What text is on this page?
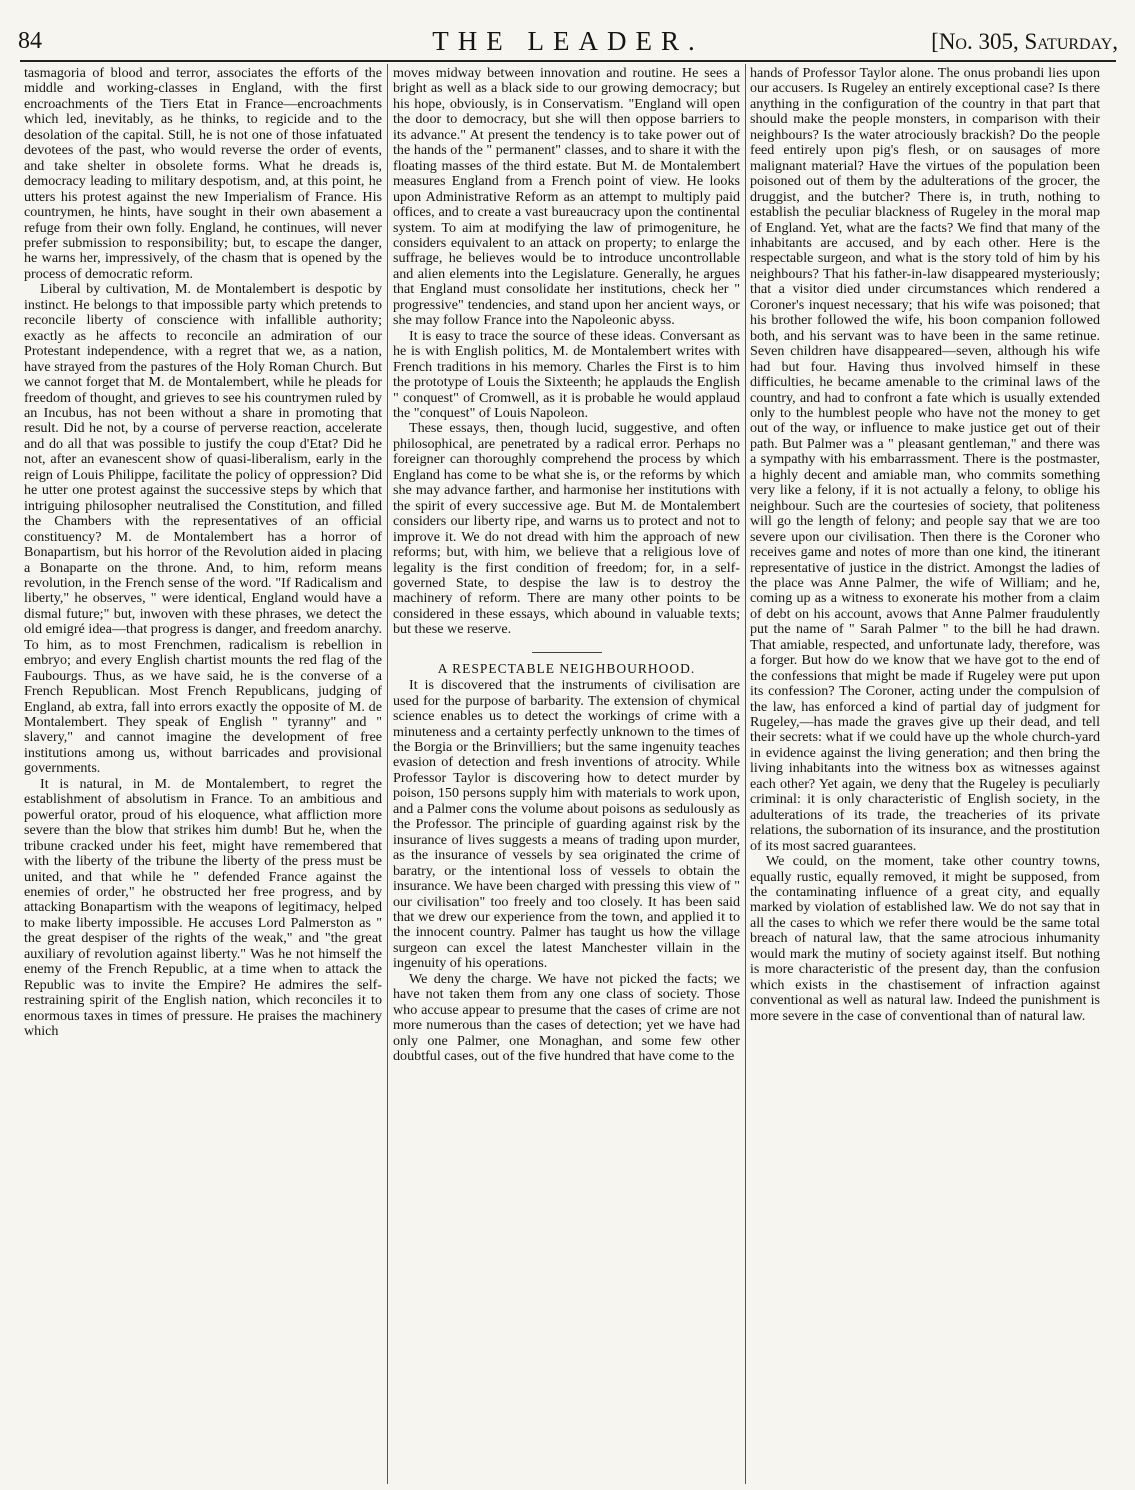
84	THE LEADER.	[No. 305, Saturday,

tasmagoria of blood and terror, associates the efforts of the middle and working-classes in England, with the first encroachments of the Tiers Etat in France—encroachments which led, inevitably, as he thinks, to regicide and to the desolation of the capital. Still, he is not one of those infatuated devotees of the past, who would reverse the order of events, and take shelter in obsolete forms. What he dreads is, democracy leading to military despotism, and, at this point, he utters his protest against the new Imperialism of France. His countrymen, he hints, have sought in their own abasement a refuge from their own folly. England, he continues, will never prefer submission to responsibility; but, to escape the danger, he warns her, impressively, of the chasm that is opened by the process of democratic reform.

Liberal by cultivation, M. de Montalembert is despotic by instinct. He belongs to that impossible party which pretends to reconcile liberty of conscience with infallible authority; exactly as he affects to reconcile an admiration of our Protestant independence, with a regret that we, as a nation, have strayed from the pastures of the Holy Roman Church. But we cannot forget that M. de Montalembert, while he pleads for freedom of thought, and grieves to see his countrymen ruled by an Incubus, has not been without a share in promoting that result. Did he not, by a course of perverse reaction, accelerate and do all that was possible to justify the coup d'Etat? Did he not, after an evanescent show of quasi-liberalism, early in the reign of Louis Philippe, facilitate the policy of oppression? Did he utter one protest against the successive steps by which that intriguing philosopher neutralised the Constitution, and filled the Chambers with the representatives of an official constituency? M. de Montalembert has a horror of Bonapartism, but his horror of the Revolution aided in placing a Bonaparte on the throne. And, to him, reform means revolution, in the French sense of the word. "If Radicalism and liberty," he observes, " were identical, England would have a dismal future;" but, inwoven with these phrases, we detect the old emigré idea—that progress is danger, and freedom anarchy. To him, as to most Frenchmen, radicalism is rebellion in embryo; and every English chartist mounts the red flag of the Faubourgs. Thus, as we have said, he is the converse of a French Republican. Most French Republicans, judging of England, ab extra, fall into errors exactly the opposite of M. de Montalembert. They speak of English " tyranny" and " slavery," and cannot imagine the development of free institutions among us, without barricades and provisional governments.

It is natural, in M. de Montalembert, to regret the establishment of absolutism in France. To an ambitious and powerful orator, proud of his eloquence, what affliction more severe than the blow that strikes him dumb! But he, when the tribune cracked under his feet, might have remembered that with the liberty of the tribune the liberty of the press must be united, and that while he " defended France against the enemies of order," he obstructed her free progress, and by attacking Bonapartism with the weapons of legitimacy, helped to make liberty impossible. He accuses Lord Palmerston as " the great despiser of the rights of the weak," and "the great auxiliary of revolution against liberty." Was he not himself the enemy of the French Republic, at a time when to attack the Republic was to invite the Empire? He admires the self-restraining spirit of the English nation, which reconciles it to enormous taxes in times of pressure. He praises the machinery which

moves midway between innovation and routine. He sees a bright as well as a black side to our growing democracy; but his hope, obviously, is in Conservatism. "England will open the door to democracy, but she will then oppose barriers to its advance." At present the tendency is to take power out of the hands of the " permanent" classes, and to share it with the floating masses of the third estate. But M. de Montalembert measures England from a French point of view. He looks upon Administrative Reform as an attempt to multiply paid offices, and to create a vast bureaucracy upon the continental system. To aim at modifying the law of primogeniture, he considers equivalent to an attack on property; to enlarge the suffrage, he believes would be to introduce uncontrollable and alien elements into the Legislature. Generally, he argues that England must consolidate her institutions, check her " progressive" tendencies, and stand upon her ancient ways, or she may follow France into the Napoleonic abyss.

It is easy to trace the source of these ideas. Conversant as he is with English politics, M. de Montalembert writes with French traditions in his memory. Charles the First is to him the prototype of Louis the Sixteenth; he applauds the English " conquest" of Cromwell, as it is probable he would applaud the "conquest" of Louis Napoleon.

These essays, then, though lucid, suggestive, and often philosophical, are penetrated by a radical error. Perhaps no foreigner can thoroughly comprehend the process by which England has come to be what she is, or the reforms by which she may advance farther, and harmonise her institutions with the spirit of every successive age. But M. de Montalembert considers our liberty ripe, and warns us to protect and not to improve it. We do not dread with him the approach of new reforms; but, with him, we believe that a religious love of legality is the first condition of freedom; for, in a self-governed State, to despise the law is to destroy the machinery of reform. There are many other points to be considered in these essays, which abound in valuable texts; but these we reserve.

A RESPECTABLE NEIGHBOURHOOD.

It is discovered that the instruments of civilisation are used for the purpose of barbarity. The extension of chymical science enables us to detect the workings of crime with a minuteness and a certainty perfectly unknown to the times of the Borgia or the Brinvilliers; but the same ingenuity teaches evasion of detection and fresh inventions of atrocity. While Professor Taylor is discovering how to detect murder by poison, 150 persons supply him with materials to work upon, and a Palmer cons the volume about poisons as sedulously as the Professor. The principle of guarding against risk by the insurance of lives suggests a means of trading upon murder, as the insurance of vessels by sea originated the crime of baratry, or the intentional loss of vessels to obtain the insurance. We have been charged with pressing this view of " our civilisation" too freely and too closely. It has been said that we drew our experience from the town, and applied it to the innocent country. Palmer has taught us how the village surgeon can excel the latest Manchester villain in the ingenuity of his operations.

We deny the charge. We have not picked the facts; we have not taken them from any one class of society. Those who accuse appear to presume that the cases of crime are not more numerous than the cases of detection; yet we have had only one Palmer, one Monaghan, and some few other doubtful cases, out of the five hundred that have come to the

hands of Professor Taylor alone. The onus probandi lies upon our accusers. Is Rugeley an entirely exceptional case? Is there anything in the configuration of the country in that part that should make the people monsters, in comparison with their neighbours? Is the water atrociously brackish? Do the people feed entirely upon pig's flesh, or on sausages of more malignant material? Have the virtues of the population been poisoned out of them by the adulterations of the grocer, the druggist, and the butcher? There is, in truth, nothing to establish the peculiar blackness of Rugeley in the moral map of England. Yet, what are the facts? We find that many of the inhabitants are accused, and by each other. Here is the respectable surgeon, and what is the story told of him by his neighbours? That his father-in-law disappeared mysteriously; that a visitor died under circumstances which rendered a Coroner's inquest necessary; that his wife was poisoned; that his brother followed the wife, his boon companion followed both, and his servant was to have been in the same retinue. Seven children have disappeared—seven, although his wife had but four. Having thus involved himself in these difficulties, he became amenable to the criminal laws of the country, and had to confront a fate which is usually extended only to the humblest people who have not the money to get out of the way, or influence to make justice get out of their path. But Palmer was a " pleasant gentleman," and there was a sympathy with his embarrassment. There is the postmaster, a highly decent and amiable man, who commits something very like a felony, if it is not actually a felony, to oblige his neighbour. Such are the courtesies of society, that politeness will go the length of felony; and people say that we are too severe upon our civilisation. Then there is the Coroner who receives game and notes of more than one kind, the itinerant representative of justice in the district. Amongst the ladies of the place was Anne Palmer, the wife of William; and he, coming up as a witness to exonerate his mother from a claim of debt on his account, avows that Anne Palmer fraudulently put the name of " Sarah Palmer " to the bill he had drawn. That amiable, respected, and unfortunate lady, therefore, was a forger. But how do we know that we have got to the end of the confessions that might be made if Rugeley were put upon its confession? The Coroner, acting under the compulsion of the law, has enforced a kind of partial day of judgment for Rugeley,—has made the graves give up their dead, and tell their secrets: what if we could have up the whole church-yard in evidence against the living generation; and then bring the living inhabitants into the witness box as witnesses against each other? Yet again, we deny that the Rugeley is peculiarly criminal: it is only characteristic of English society, in the adulterations of its trade, the treacheries of its private relations, the subornation of its insurance, and the prostitution of its most sacred guarantees.

We could, on the moment, take other country towns, equally rustic, equally removed, it might be supposed, from the contaminating influence of a great city, and equally marked by violation of established law. We do not say that in all the cases to which we refer there would be the same total breach of natural law, that the same atrocious inhumanity would mark the mutiny of society against itself. But nothing is more characteristic of the present day, than the confusion which exists in the chastisement of infraction against conventional as well as natural law. Indeed the punishment is more severe in the case of conventional than of natural law.
